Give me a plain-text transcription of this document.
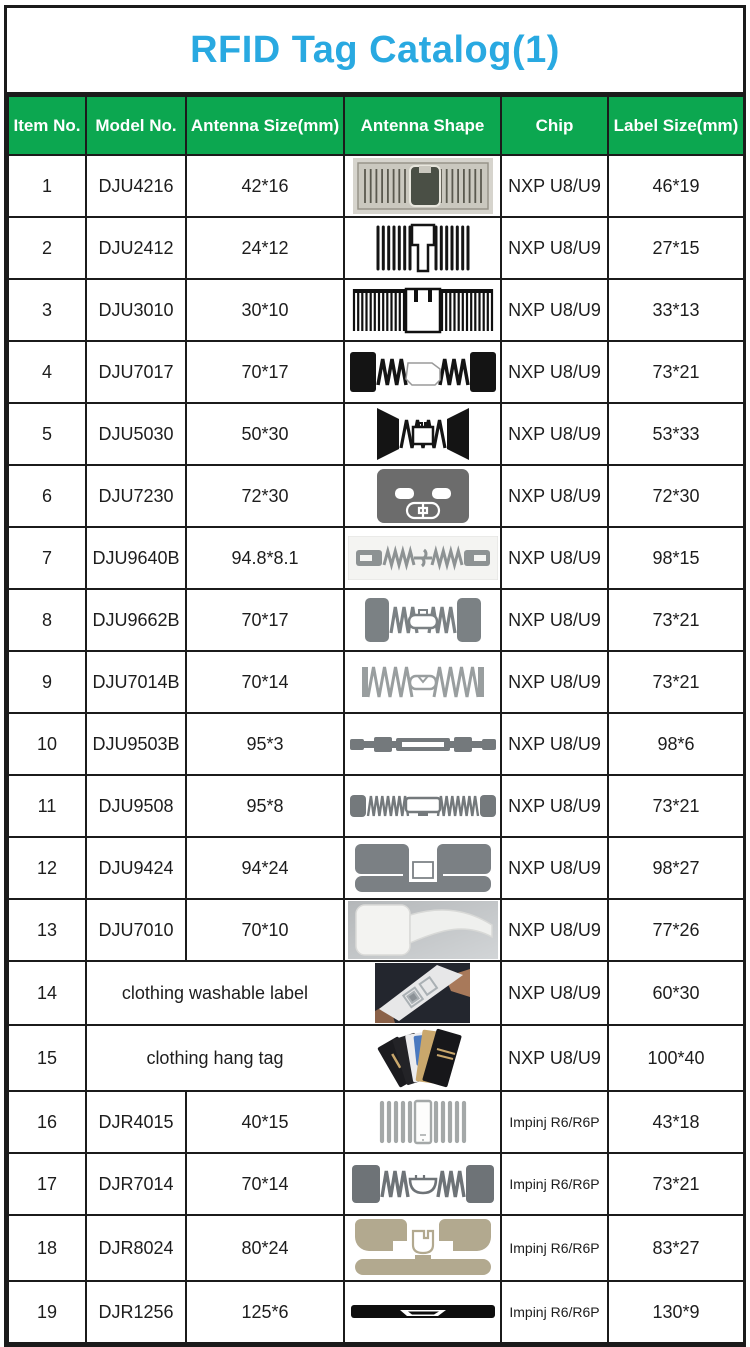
RFID Tag Catalog(1)
Item No.	Model No.	Antenna Size(mm)	Antenna Shape	Chip	Label Size(mm)
1	DJU4216	42*16		NXP U8/U9	46*19
2	DJU2412	24*12		NXP U8/U9	27*15
3	DJU3010	30*10		NXP U8/U9	33*13
4	DJU7017	70*17		NXP U8/U9	73*21
5	DJU5030	50*30		NXP U8/U9	53*33
6	DJU7230	72*30		NXP U8/U9	72*30
7	DJU9640B	94.8*8.1		NXP U8/U9	98*15
8	DJU9662B	70*17		NXP U8/U9	73*21
9	DJU7014B	70*14		NXP U8/U9	73*21
10	DJU9503B	95*3		NXP U8/U9	98*6
11	DJU9508	95*8		NXP U8/U9	73*21
12	DJU9424	94*24		NXP U8/U9	98*27
13	DJU7010	70*10		NXP U8/U9	77*26
14	clothing washable label			NXP U8/U9	60*30
15	clothing hang tag			NXP U8/U9	100*40
16	DJR4015	40*15		Impinj R6/R6P	43*18
17	DJR7014	70*14		Impinj R6/R6P	73*21
18	DJR8024	80*24		Impinj R6/R6P	83*27
19	DJR1256	125*6		Impinj R6/R6P	130*9
